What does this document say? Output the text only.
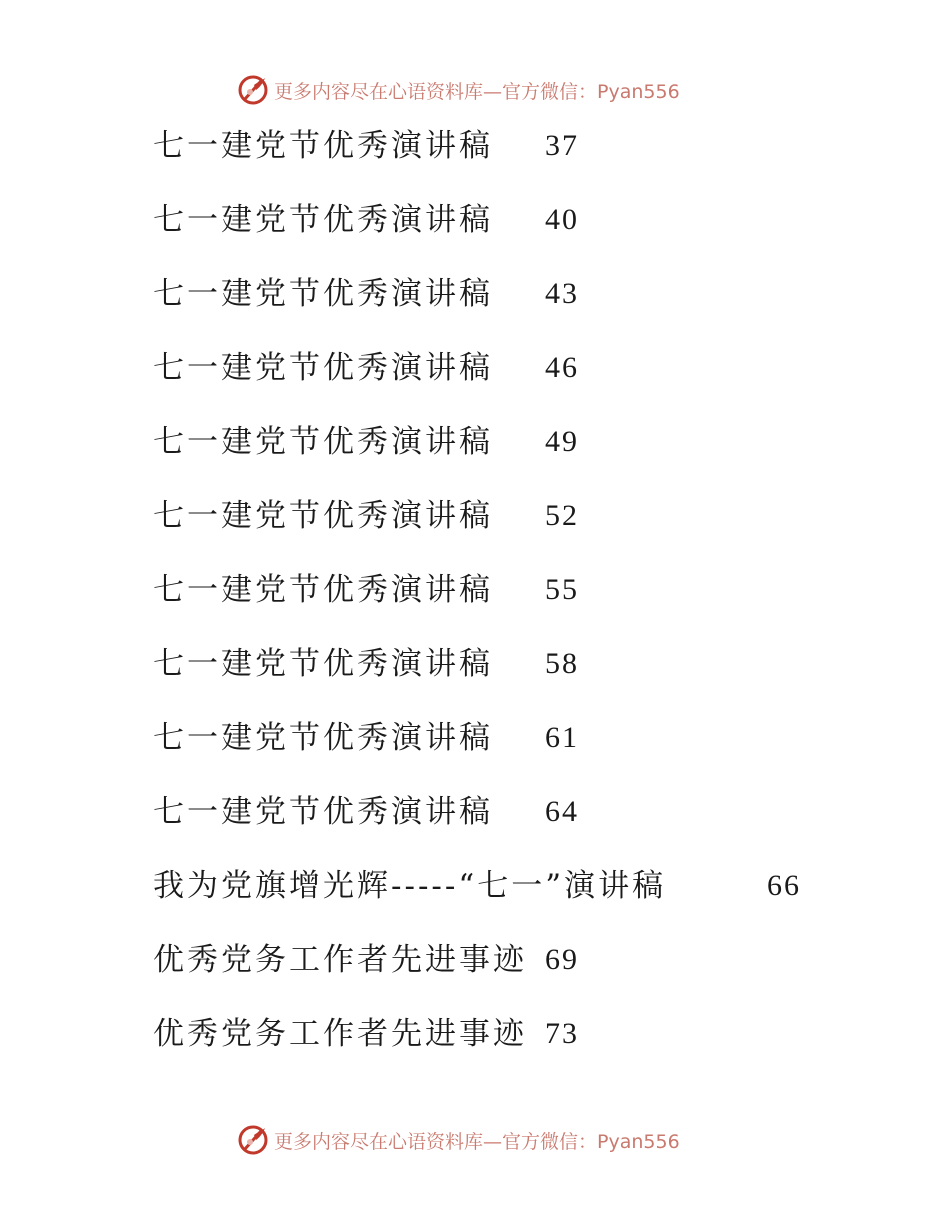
更多内容尽在心语资料库—官方微信：Pyan556
七一建党节优秀演讲稿 37
七一建党节优秀演讲稿 40
七一建党节优秀演讲稿 43
七一建党节优秀演讲稿 46
七一建党节优秀演讲稿 49
七一建党节优秀演讲稿 52
七一建党节优秀演讲稿 55
七一建党节优秀演讲稿 58
七一建党节优秀演讲稿 61
七一建党节优秀演讲稿 64
我为党旗增光辉-----“七一”演讲稿	66
优秀党务工作者先进事迹 69
优秀党务工作者先进事迹 73
更多内容尽在心语资料库—官方微信：Pyan556
